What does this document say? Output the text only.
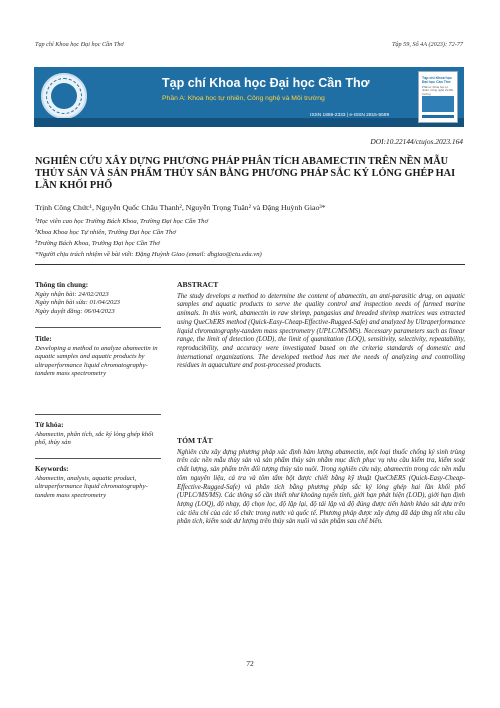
Tạp chí Khoa học Đại học Cần Thơ	Tập 59, Số 4A (2023): 72-77
Tạp chí Khoa học Đại học Cần Thơ
Phần A: Khoa học tự nhiên, Công nghệ và Môi trường
ISSN 1859-2333 | e-ISSN 2815-5599
Tạp chí Khoa học Đại học Cần Thơ
Phần A: Khoa học tự nhiên, Công nghệ và Môi trường
DOI:10.22144/ctujos.2023.164
NGHIÊN CỨU XÂY DỰNG PHƯƠNG PHÁP PHÂN TÍCH ABAMECTIN TRÊN NỀN MẪU THỦY SẢN VÀ SẢN PHẨM THỦY SẢN BẰNG PHƯƠNG PHÁP SẮC KÝ LỎNG GHÉP HAI LẦN KHỐI PHỔ
Trịnh Công Chức¹, Nguyễn Quốc Châu Thanh², Nguyễn Trọng Tuân² và Đặng Huỳnh Giao³*
¹Học viên cao học Trường Bách Khoa, Trường Đại học Cần Thơ
²Khoa Khoa học Tự nhiên, Trường Đại học Cần Thơ
³Trường Bách Khoa, Trường Đại học Cần Thơ
*Người chịu trách nhiệm về bài viết: Đặng Huỳnh Giao (email: dhgiao@ctu.edu.vn)
Thông tin chung:
Ngày nhận bài: 24/02/2023
Ngày nhận bài sửa: 01/04/2023
Ngày duyệt đăng: 06/04/2023
Title:
Developing a method to analyze abamectin in aquatic samples and aquatic products by ultraperformance liquid chromatography-tandem mass spectrometry
Từ khóa:
Abamectin, phân tích, sắc ký lỏng ghép khối phổ, thủy sản
Keywords:
Abamectin, analysis, aquatic product, ultraperformance liquid chromatography-tandem mass spectrometry
ABSTRACT
The study develops a method to determine the content of abamectin, an anti-parasitic drug, on aquatic samples and aquatic products to serve the quality control and inspection needs of farmed marine animals. In this work, abamectin in raw shrimp, pangasius and breaded shrimp matrices was extracted using QueChERS method (Quick-Easy-Cheap-Effective-Rugged-Safe) and analyzed by Ultraperformance liquid chromatography-tandem mass spectrometry (UPLC/MS/MS). Necessary parameters such as linear range, the limit of detection (LOD), the limit of quantitation (LOQ), sensitivity, selectivity, repeatability, reproducibility, and accuracy were investigated based on the criteria standards of domestic and international organizations. The developed method has met the needs of analyzing and controlling residues in aquaculture and post-processed products.
TÓM TẮT
Nghiên cứu xây dựng phương pháp xác định hàm lượng abamectin, một loại thuốc chống ký sinh trùng trên các nền mẫu thủy sản và sản phẩm thủy sản nhằm mục đích phục vụ nhu cầu kiểm tra, kiểm soát chất lượng, sản phẩm trên đối tượng thủy sản nuôi. Trong nghiên cứu này, abamectin trong các nền mẫu tôm nguyên liệu, cá tra và tôm tẩm bột được chiết bằng kỹ thuật QueChERS (Quick-Easy-Cheap-Effective-Rugged-Safe) và phân tích bằng phương pháp sắc ký lỏng ghép hai lần khối phổ (UPLC/MS/MS). Các thông số cần thiết như khoảng tuyến tính, giới hạn phát hiện (LOD), giới hạn định lượng (LOQ), độ nhạy, độ chọn lọc, độ lặp lại, độ tái lập và độ đúng được tiến hành khảo sát dựa trên các tiêu chí của các tổ chức trong nước và quốc tế. Phương pháp được xây dựng đã đáp ứng tốt nhu cầu phân tích, kiểm soát dư lượng trên thủy sản nuôi và sản phẩm sau chế biến.
72
